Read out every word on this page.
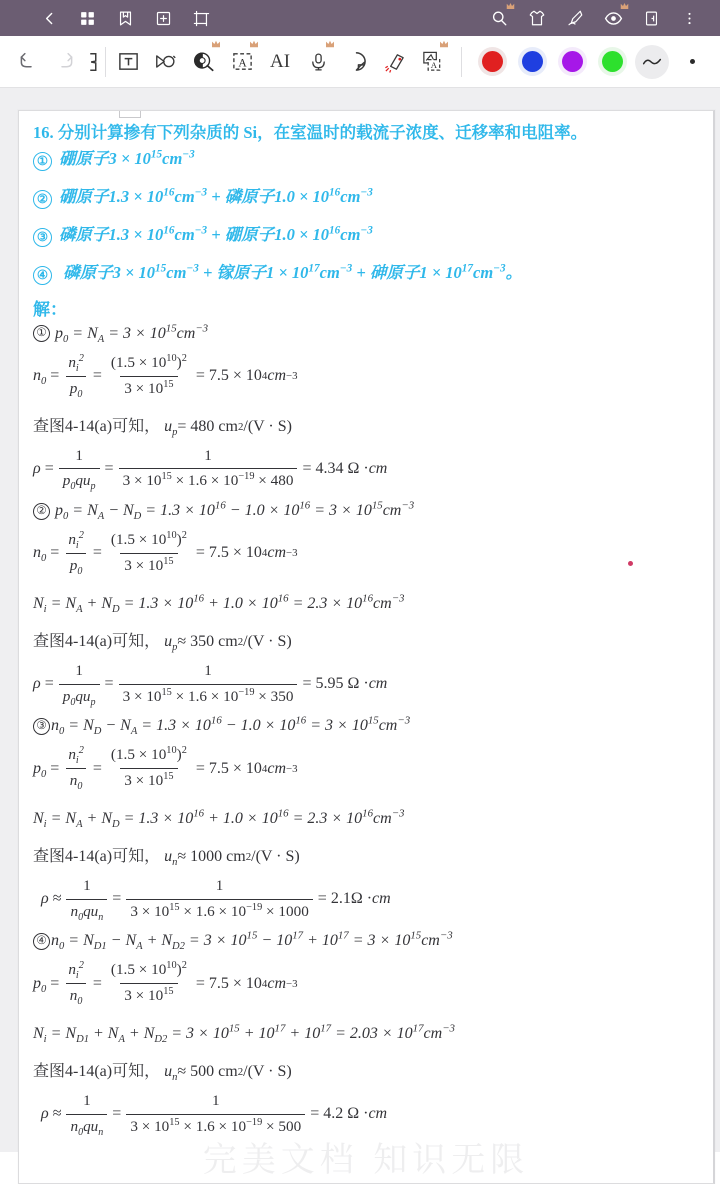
A AI	A
16. 分别计算掺有下列杂质的 Si，在室温时的载流子浓度、迁移率和电阻率。
① 硼原子$3 \times 10^{15}cm^{-3}$
② 硼原子$1.3 \times 10^{16}cm^{-3}$ + 磷原子$1.0 \times 10^{16}cm^{-3}$
③ 磷原子$1.3 \times 10^{16}cm^{-3}$ + 硼原子$1.0 \times 10^{16}cm^{-3}$
④ 磷原子$3 \times 10^{15}cm^{-3}$ + 镓原子$1 \times 10^{17}cm^{-3}$ + 砷原子$1 \times 10^{17}cm^{-3}$。
解：
① $p_0 = N_A = 3 \times 10^{15}cm^{-3}$
$n_0 = \frac{n_i^2}{p_0} = \frac{(1.5 \times 10^{10})^2}{3 \times 10^{15}} = 7.5 \times 10$ 4 cm −3
查图4-14(a)可知，
$u_p = 480$ cm 2 /(V · S)
$\rho = \frac{1}{p_0qu_p} = \frac{1}{3 \times 10^{15} \times 1.6 \times 10^{-19} \times 480} = 4.34$ Ω · cm
② $p_0 = N_A - N_D = 1.3 \times 10^{16} - 1.0 \times 10^{16} = 3 \times 10^{15}cm^{-3}$
$n_0 = \frac{n_i^2}{p_0} = \frac{(1.5 \times 10^{10})^2}{3 \times 10^{15}} = 7.5 \times 10$ 4 cm −3
$N_i = N_A + N_D = 1.3 \times 10^{16} + 1.0 \times 10^{16} = 2.3 \times 10^{16}cm^{-3}$
查图4-14(a)可知，
$u_p \approx 350$ cm 2 /(V · S)
$\rho = \frac{1}{p_0qu_p} = \frac{1}{3 \times 10^{15} \times 1.6 \times 10^{-19} \times 350} = 5.95$ Ω · cm
③ $n_0 = N_D - N_A = 1.3 \times 10^{16} - 1.0 \times 10^{16} = 3 \times 10^{15}cm^{-3}$
$p_0 = \frac{n_i^2}{n_0} = \frac{(1.5 \times 10^{10})^2}{3 \times 10^{15}} = 7.5 \times 10$ 4 cm −3
$N_i = N_A + N_D = 1.3 \times 10^{16} + 1.0 \times 10^{16} = 2.3 \times 10^{16}cm^{-3}$
查图4-14(a)可知，
$u_n \approx 1000$ cm 2 /(V · S)
$\rho \approx \frac{1}{n_0qu_n} = \frac{1}{3 \times 10^{15} \times 1.6 \times 10^{-19} \times 1000} = 2.1\Omega$ · cm
④ $n_0 = N_{D1} - N_A + N_{D2} = 3 \times 10^{15} - 10^{17} + 10^{17} = 3 \times 10^{15}cm^{-3}$
$p_0 = \frac{n_i^2}{n_0} = \frac{(1.5 \times 10^{10})^2}{3 \times 10^{15}} = 7.5 \times 10$ 4 cm −3
$N_i = N_{D1} + N_A + N_{D2} = 3 \times 10^{15} + 10^{17} + 10^{17} = 2.03 \times 10^{17}cm^{-3}$
查图4-14(a)可知，
$u_n \approx 500$ cm 2 /(V · S)
$\rho \approx \frac{1}{n_0qu_n} = \frac{1}{3 \times 10^{15} \times 1.6 \times 10^{-19} \times 500} = 4.2$ Ω · cm
完美文档 知识无限
